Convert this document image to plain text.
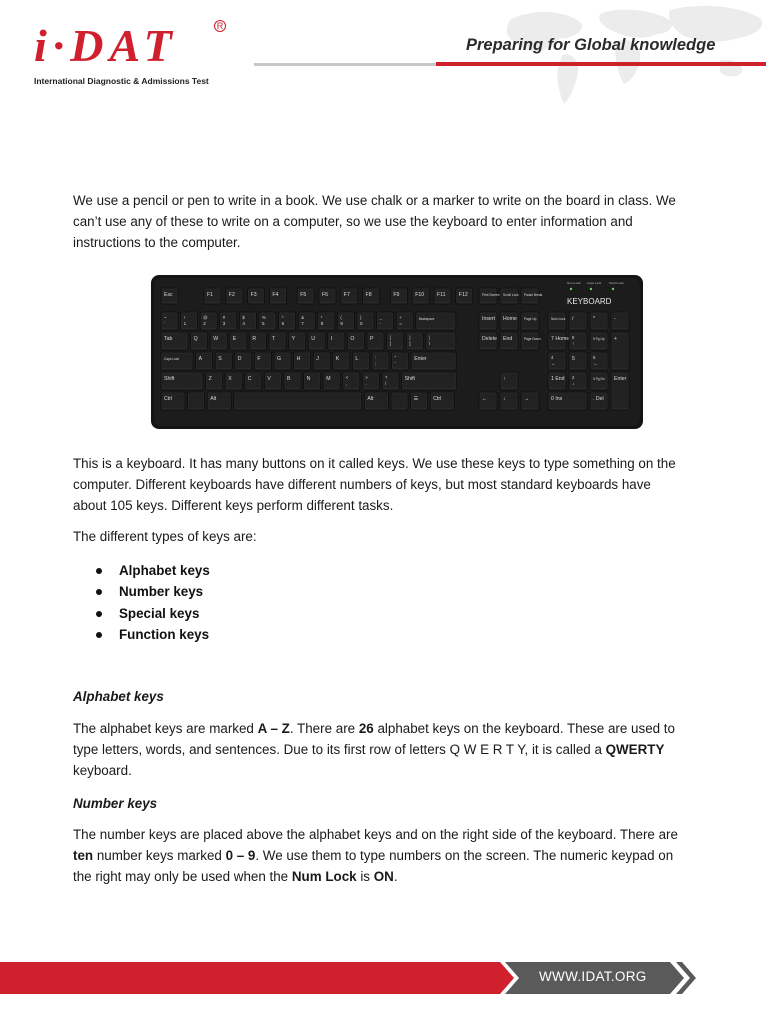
i·DAT	R
International Diagnostic & Admissions Test
Preparing for Global knowledge

We use a pencil or pen to write in a book. We use chalk or a marker to write on the board in class. We

can’t use any of these to write on a computer, so we use the keyboard to enter information and

instructions to the computer.

Esc	F1	F2	F3	F4	F5	F6	F7	F8	F9	F10 F11	F12	Print Screen Scroll Lock Pause Break
Num Lock Caps Lock	Scroll Lock
KEYBOARD
~
`
!
1
@
2
#
3
$
4
%
5
^
6
&
7
*
8
(
9
)
0
_
-
+
=
Backspace
Tab	Q	W	E	R	T	Y	U	I	O	P	{
[
}
]
|
\
Caps Lock	A	S	D	F	G	H	J	K	L	:
;
"
'
Enter
Shift	Z	X	C	V	B	N	M	<
,
>
.
?
/
Shift
Ctrl	Alt	Alt	☰	Ctrl
Insert Home Page Up
Delete End	Page Down
↑
←	↓	→
Num Lock /	*	-
7 Home 8
↑
9 Pg Up +
4
←
5	6
→
1 End 2
↓
3 Pg Dn Enter
0 Ins	. Del

This is a keyboard. It has many buttons on it called keys. We use these keys to type something on the

computer. Different keyboards have different numbers of keys, but most standard keyboards have

about 105 keys. Different keys perform different tasks.

The different types of keys are:

Alphabet keys
Number keys
Special keys
Function keys

Alphabet keys

The alphabet keys are marked A – Z. There are 26 alphabet keys on the keyboard. These are used to

type letters, words, and sentences. Due to its first row of letters Q W E R T Y, it is called a QWERTY

keyboard.

Number keys

The number keys are placed above the alphabet keys and on the right side of the keyboard. There are

ten number keys marked 0 – 9. We use them to type numbers on the screen. The numeric keypad on

the right may only be used when the Num Lock is ON.

WWW.IDAT.ORG
